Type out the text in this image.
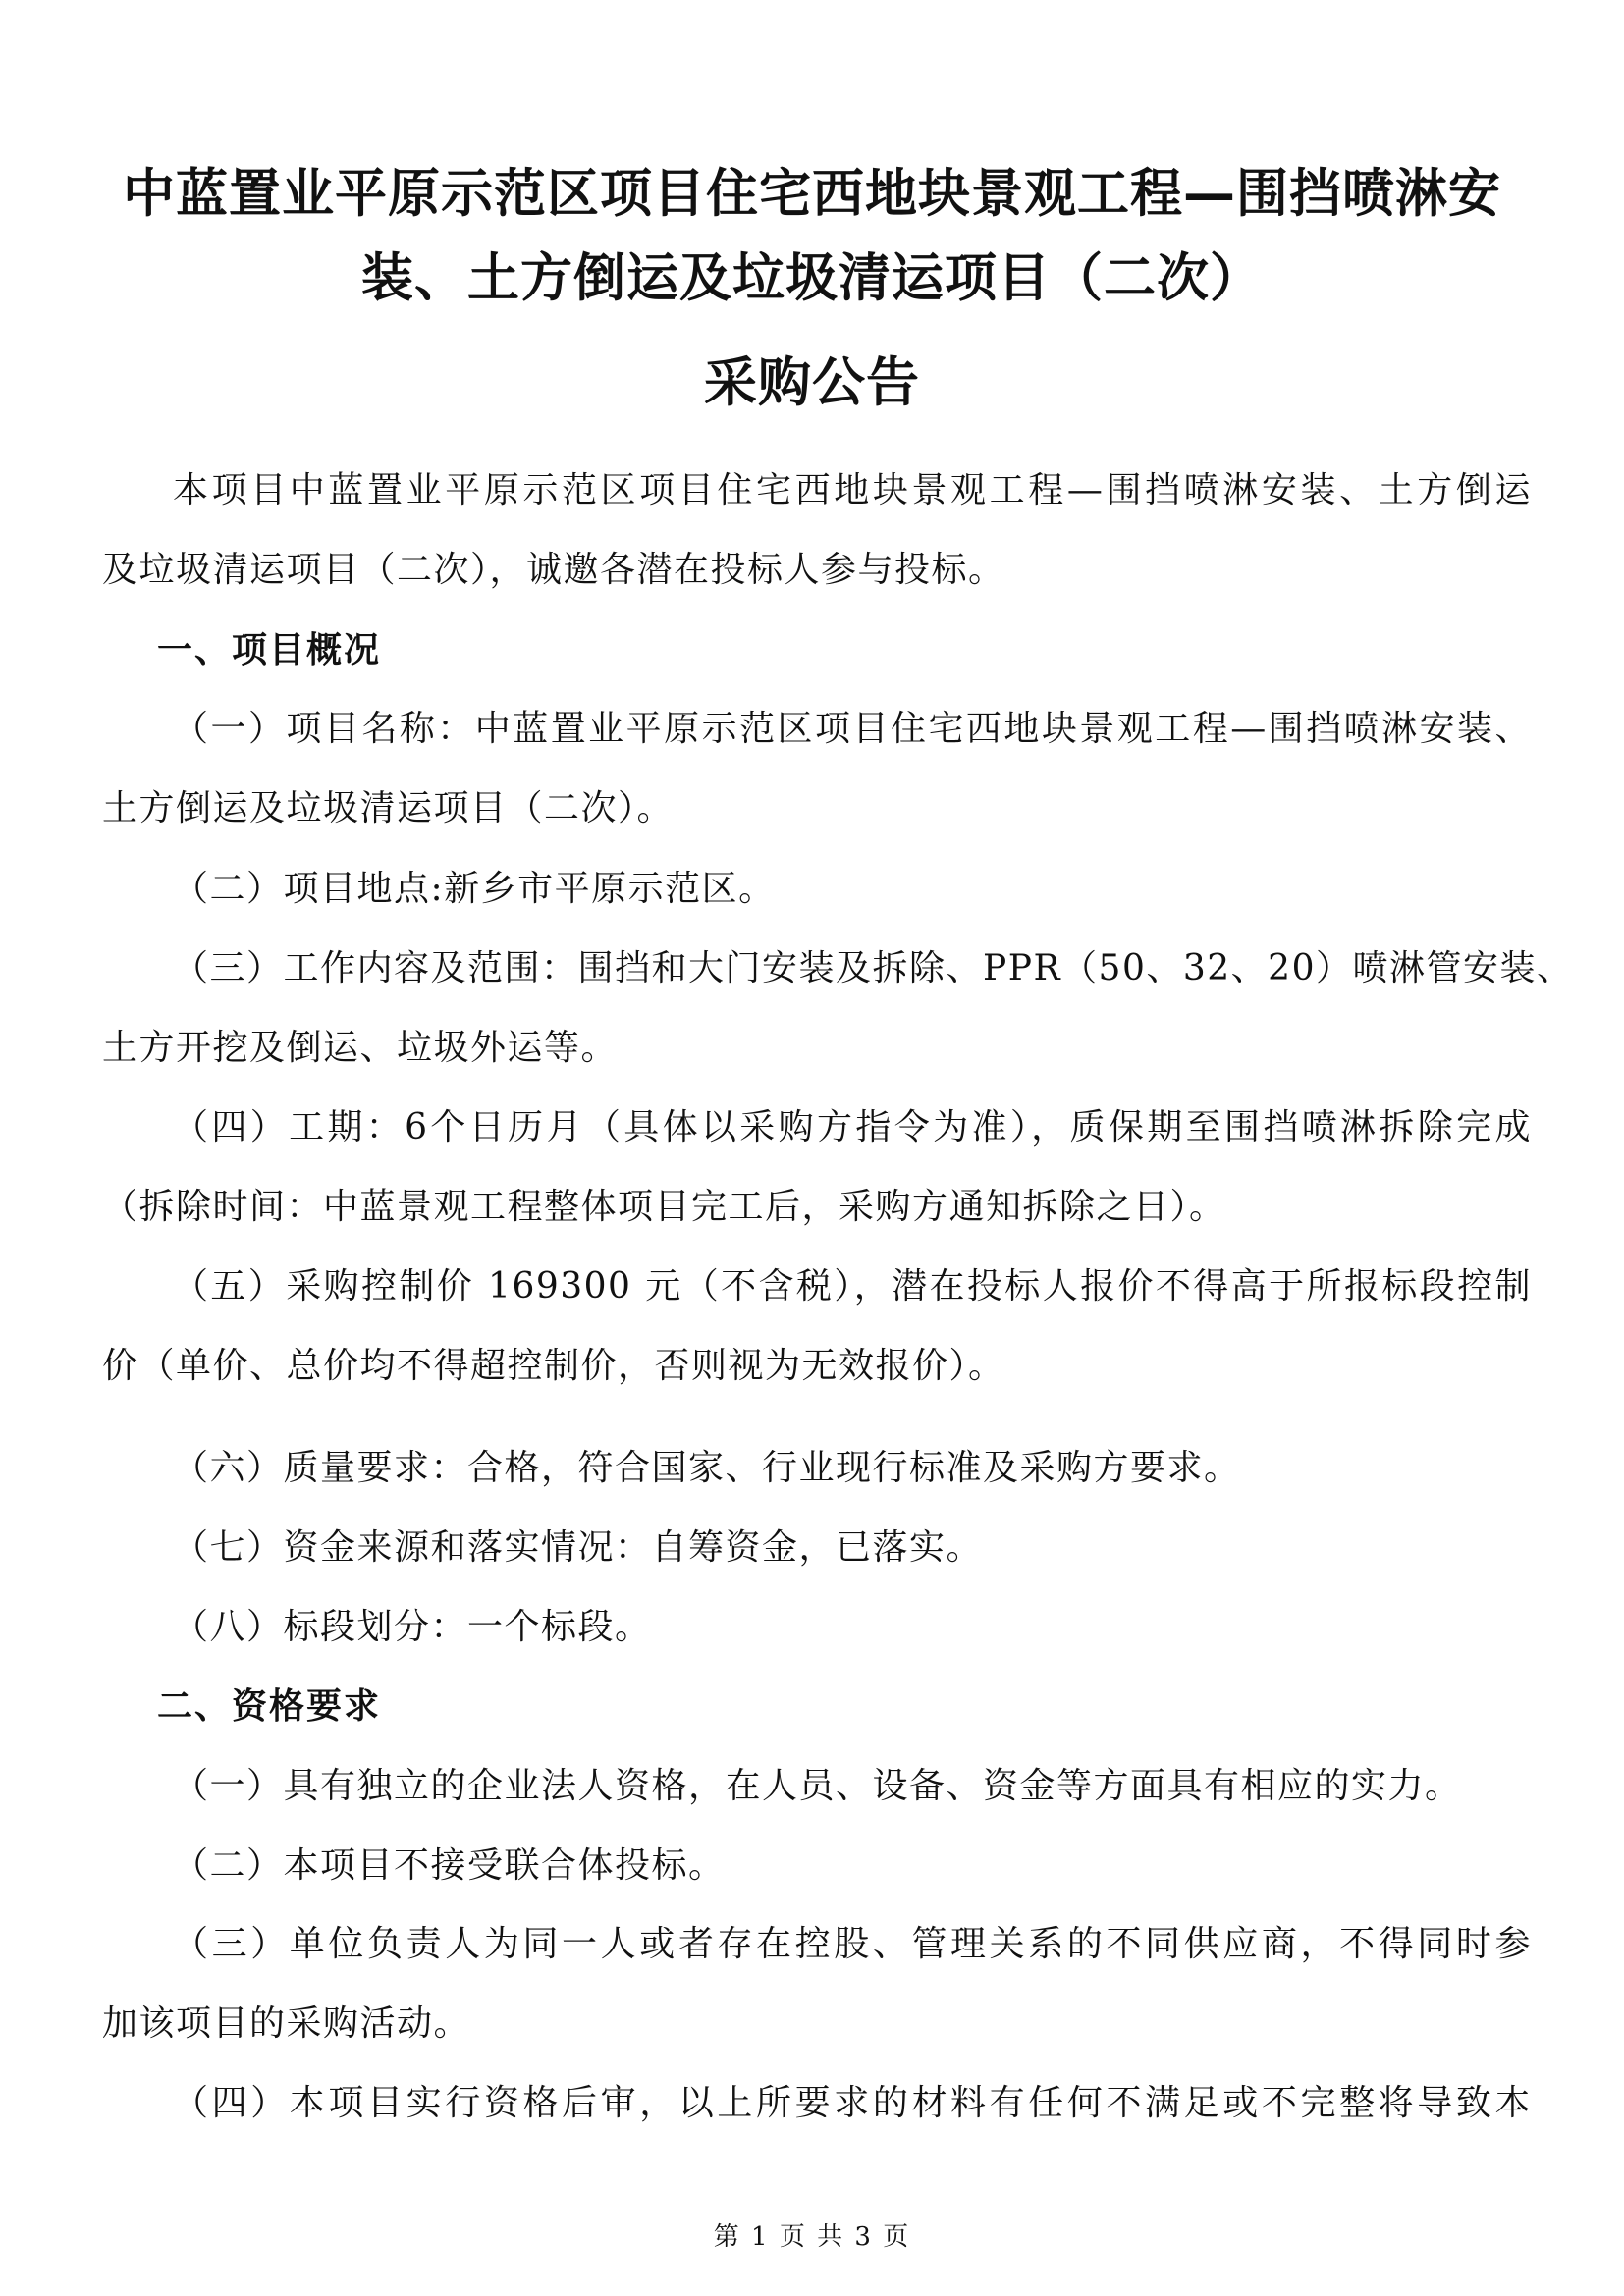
中蓝置业平原示范区项目住宅西地块景观工程—围挡喷淋安
装、土方倒运及垃圾清运项目（二次）
采购公告
本项目中蓝置业平原示范区项目住宅西地块景观工程—围挡喷淋安装、土方倒运
及垃圾清运项目（二次），诚邀各潜在投标人参与投标。
一、项目概况
（一）项目名称：中蓝置业平原示范区项目住宅西地块景观工程—围挡喷淋安装、
土方倒运及垃圾清运项目（二次）。
（二）项目地点:新乡市平原示范区。
（三）工作内容及范围：围挡和大门安装及拆除、PPR（50、32、20）喷淋管安装、
土方开挖及倒运、垃圾外运等。
（四）工期：6个日历月（具体以采购方指令为准），质保期至围挡喷淋拆除完成
（拆除时间：中蓝景观工程整体项目完工后，采购方通知拆除之日）。
（五）采购控制价 169300 元（不含税），潜在投标人报价不得高于所报标段控制
价（单价、总价均不得超控制价，否则视为无效报价）。
（六）质量要求：合格，符合国家、行业现行标准及采购方要求。
（七）资金来源和落实情况：自筹资金，已落实。
（八）标段划分：一个标段。
二、资格要求
（一）具有独立的企业法人资格，在人员、设备、资金等方面具有相应的实力。
（二）本项目不接受联合体投标。
（三）单位负责人为同一人或者存在控股、管理关系的不同供应商，不得同时参
加该项目的采购活动。
（四）本项目实行资格后审，以上所要求的材料有任何不满足或不完整将导致本
第 1 页 共 3 页
